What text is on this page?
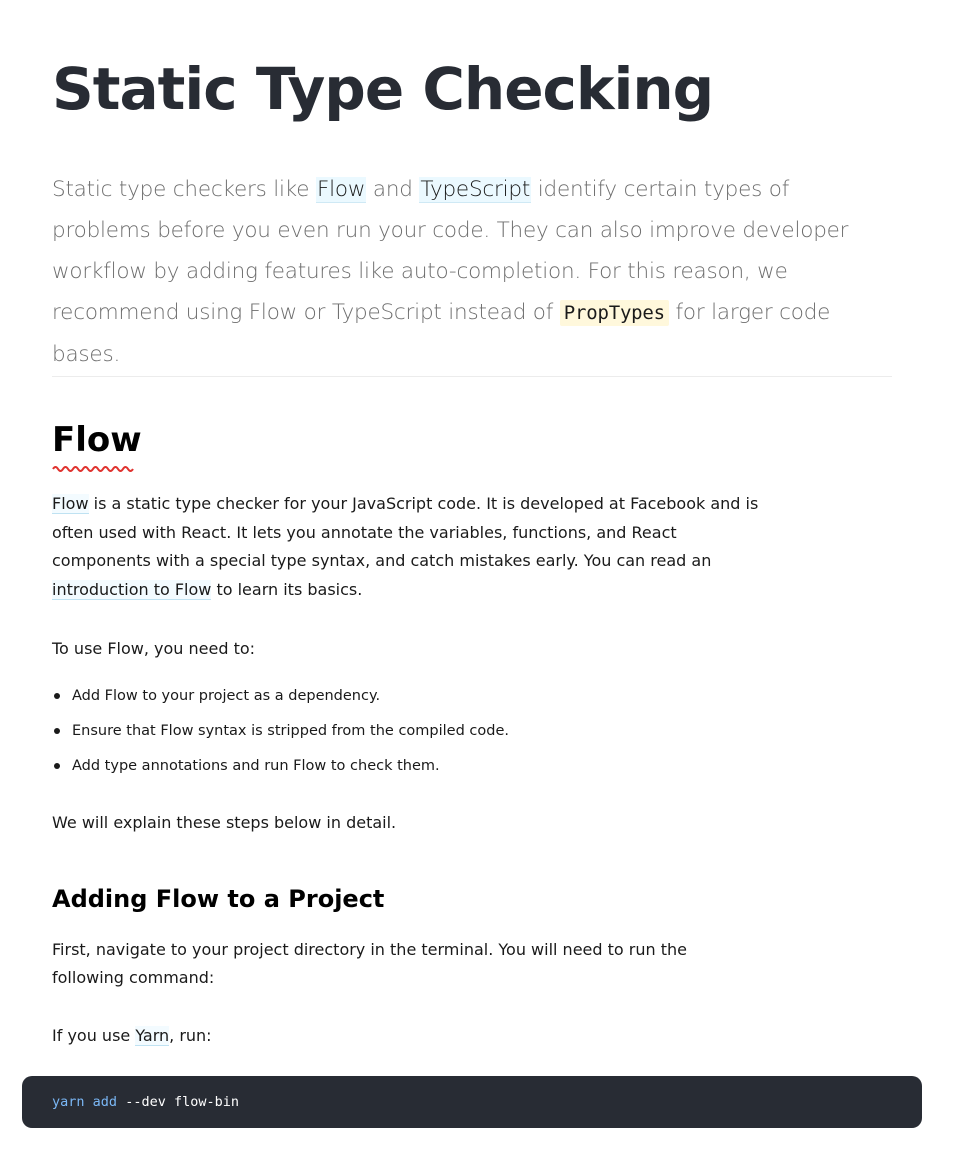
Static Type Checking

Static type checkers like Flow and TypeScript identify certain types of problems before you even run your code. They can also improve developer workflow by adding features like auto-completion. For this reason, we recommend using Flow or TypeScript instead of PropTypes for larger code bases.

Flow

Flow is a static type checker for your JavaScript code. It is developed at Facebook and is often used with React. It lets you annotate the variables, functions, and React components with a special type syntax, and catch mistakes early. You can read an introduction to Flow to learn its basics.

To use Flow, you need to:

Add Flow to your project as a dependency.
Ensure that Flow syntax is stripped from the compiled code.
Add type annotations and run Flow to check them.

We will explain these steps below in detail.

Adding Flow to a Project

First, navigate to your project directory in the terminal. You will need to run the following command:

If you use Yarn, run:

yarn add --dev flow-bin
